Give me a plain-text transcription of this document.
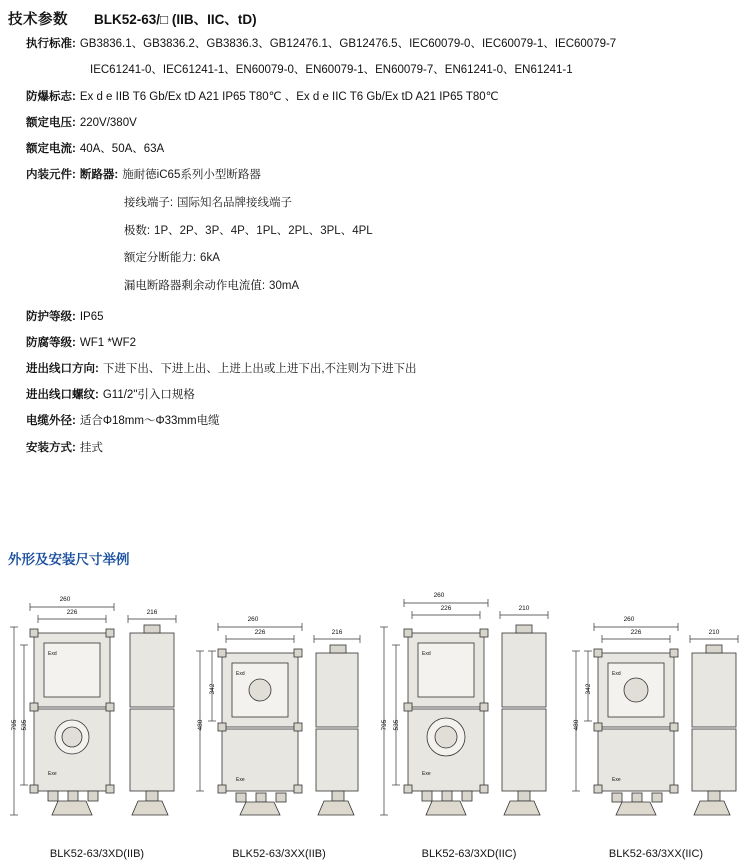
技术参数 BLK52-63/□ (IIB、IIC、tD)
执行标准: GB3836.1、GB3836.2、GB3836.3、GB12476.1、GB12476.5、IEC60079-0、IEC60079-1、IEC60079-7
IEC61241-0、IEC61241-1、EN60079-0、EN60079-1、EN60079-7、EN61241-0、EN61241-1
防爆标志: Ex d e IIB T6 Gb/Ex tD A21 IP65 T80℃ 、Ex d e IIC T6 Gb/Ex tD A21 IP65 T80℃
额定电压: 220V/380V
额定电流: 40A、50A、63A
内装元件: 断路器: 施耐德iC65系列小型断路器
接线端子: 国际知名品牌接线端子
极数: 1P、2P、3P、4P、1PL、2PL、3PL、4PL
额定分断能力: 6kA
漏电断路器剩余动作电流值: 30mA
防护等级: IP65
防腐等级: WF1 *WF2
进出线口方向: 下进下出、下进上出、上进上出或上进下出,不注则为下进下出
进出线口螺纹: G11/2"引入口规格
电缆外径: 适合Φ18mm～Φ33mm电缆
安装方式: 挂式
外形及安装尺寸举例
260
226	216
795 535
Exd
Exe
BLK52-63/3XD(IIB)
260
226	216
342
480
Exd
Exe
BLK52-63/3XX(IIB)
260
226	210
795 535
Exd
Exe
BLK52-63/3XD(IIC)
260
226	210
342
480
Exd
Exe
BLK52-63/3XX(IIC)
